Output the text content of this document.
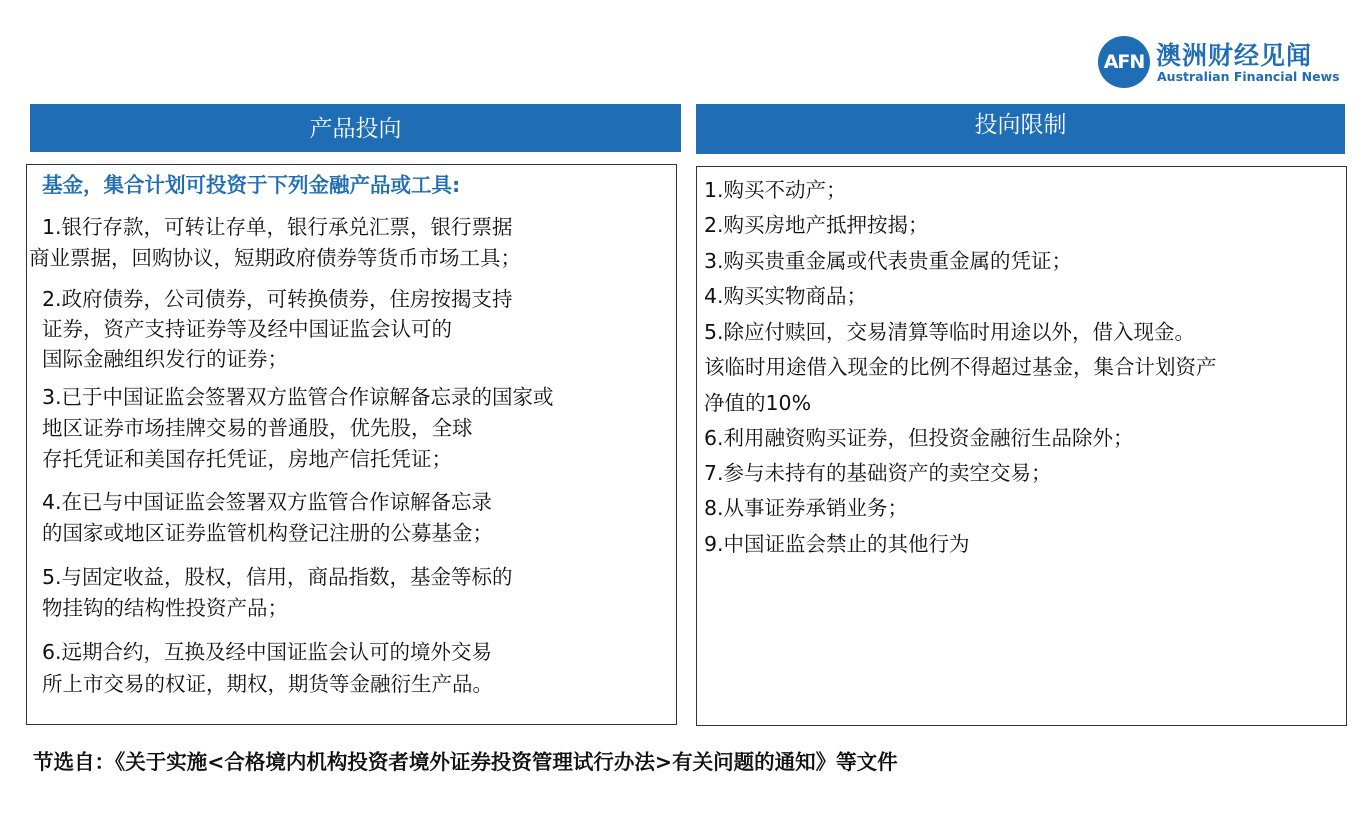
AFN 澳洲财经见闻
Australian Financial News
产品投向	投向限制
基金，集合计划可投资于下列金融产品或工具:
1.银行存款，可转让存单，银行承兑汇票，银行票据
商业票据，回购协议，短期政府债券等货币市场工具；
2.政府债券，公司债券，可转换债券，住房按揭支持
证券，资产支持证券等及经中国证监会认可的
国际金融组织发行的证券；
3.已于中国证监会签署双方监管合作谅解备忘录的国家或
地区证券市场挂牌交易的普通股，优先股，全球
存托凭证和美国存托凭证，房地产信托凭证；
4.在已与中国证监会签署双方监管合作谅解备忘录
的国家或地区证券监管机构登记注册的公募基金；
5.与固定收益，股权，信用，商品指数，基金等标的
物挂钩的结构性投资产品；
6.远期合约，互换及经中国证监会认可的境外交易
所上市交易的权证，期权，期货等金融衍生产品。
1.购买不动产；
2.购买房地产抵押按揭；
3.购买贵重金属或代表贵重金属的凭证；
4.购买实物商品；
5.除应付赎回，交易清算等临时用途以外，借入现金。
该临时用途借入现金的比例不得超过基金，集合计划资产
净值的10%
6.利用融资购买证券，但投资金融衍生品除外；
7.参与未持有的基础资产的卖空交易；
8.从事证券承销业务；
9.中国证监会禁止的其他行为
节选自：《关于实施<合格境内机构投资者境外证券投资管理试行办法>有关问题的通知》等文件
